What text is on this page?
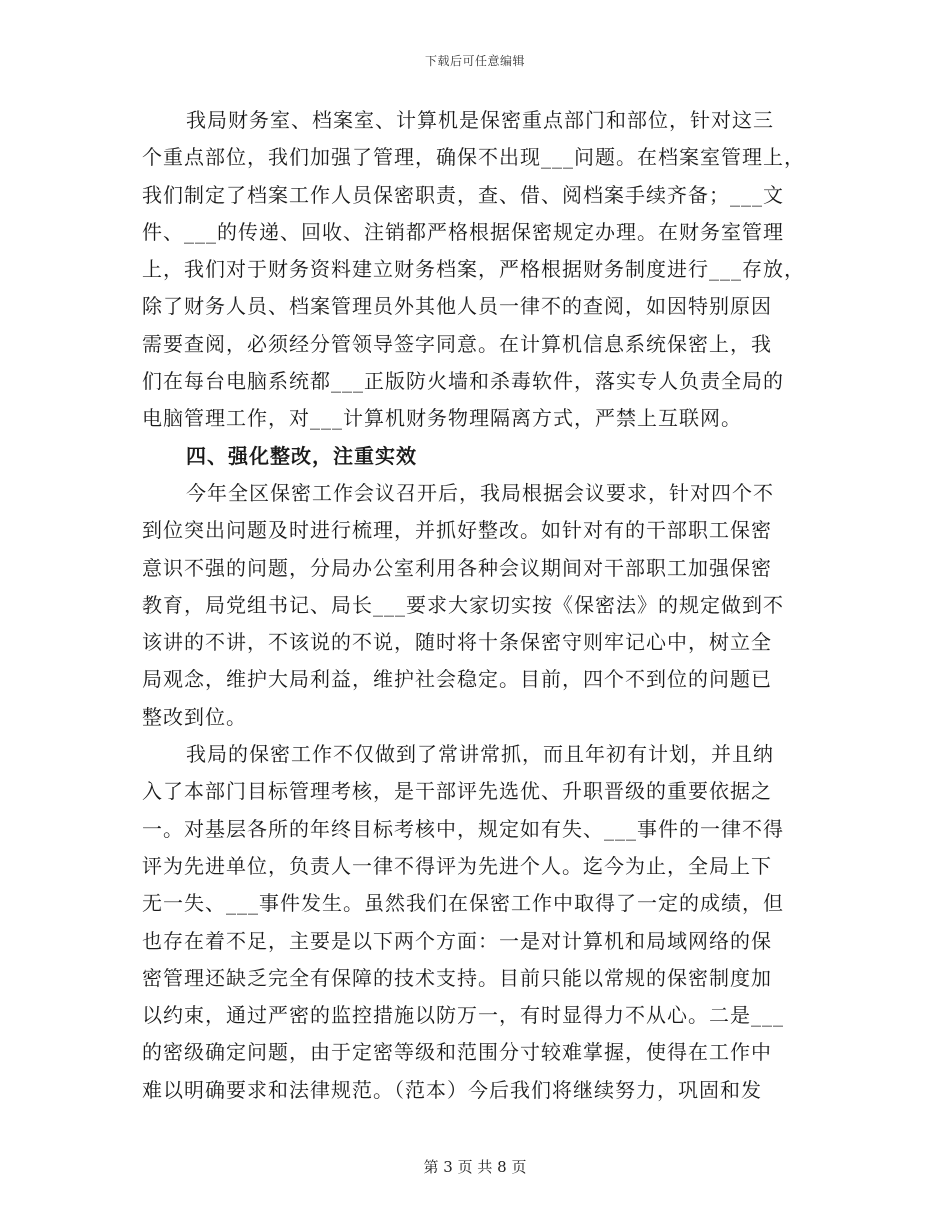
下载后可任意编辑
我局财务室、档案室、计算机是保密重点部门和部位，针对这三
个重点部位，我们加强了管理，确保不出现___问题。在档案室管理上，
我们制定了档案工作人员保密职责，查、借、阅档案手续齐备；___文
件、___的传递、回收、注销都严格根据保密规定办理。在财务室管理
上，我们对于财务资料建立财务档案，严格根据财务制度进行___存放，
除了财务人员、档案管理员外其他人员一律不的查阅，如因特别原因
需要查阅，必须经分管领导签字同意。在计算机信息系统保密上，我
们在每台电脑系统都___正版防火墙和杀毒软件，落实专人负责全局的
电脑管理工作，对___计算机财务物理隔离方式，严禁上互联网。
四、强化整改，注重实效
今年全区保密工作会议召开后，我局根据会议要求，针对四个不
到位突出问题及时进行梳理，并抓好整改。如针对有的干部职工保密
意识不强的问题，分局办公室利用各种会议期间对干部职工加强保密
教育，局党组书记、局长___要求大家切实按《保密法》的规定做到不
该讲的不讲，不该说的不说，随时将十条保密守则牢记心中，树立全
局观念，维护大局利益，维护社会稳定。目前，四个不到位的问题已
整改到位。
我局的保密工作不仅做到了常讲常抓，而且年初有计划，并且纳
入了本部门目标管理考核，是干部评先选优、升职晋级的重要依据之
一。对基层各所的年终目标考核中，规定如有失、___事件的一律不得
评为先进单位，负责人一律不得评为先进个人。迄今为止，全局上下
无一失、___事件发生。虽然我们在保密工作中取得了一定的成绩，但
也存在着不足，主要是以下两个方面：一是对计算机和局域网络的保
密管理还缺乏完全有保障的技术支持。目前只能以常规的保密制度加
以约束，通过严密的监控措施以防万一，有时显得力不从心。二是___
的密级确定问题，由于定密等级和范围分寸较难掌握，使得在工作中
难以明确要求和法律规范。（范本）今后我们将继续努力，巩固和发
第 3 页 共 8 页
